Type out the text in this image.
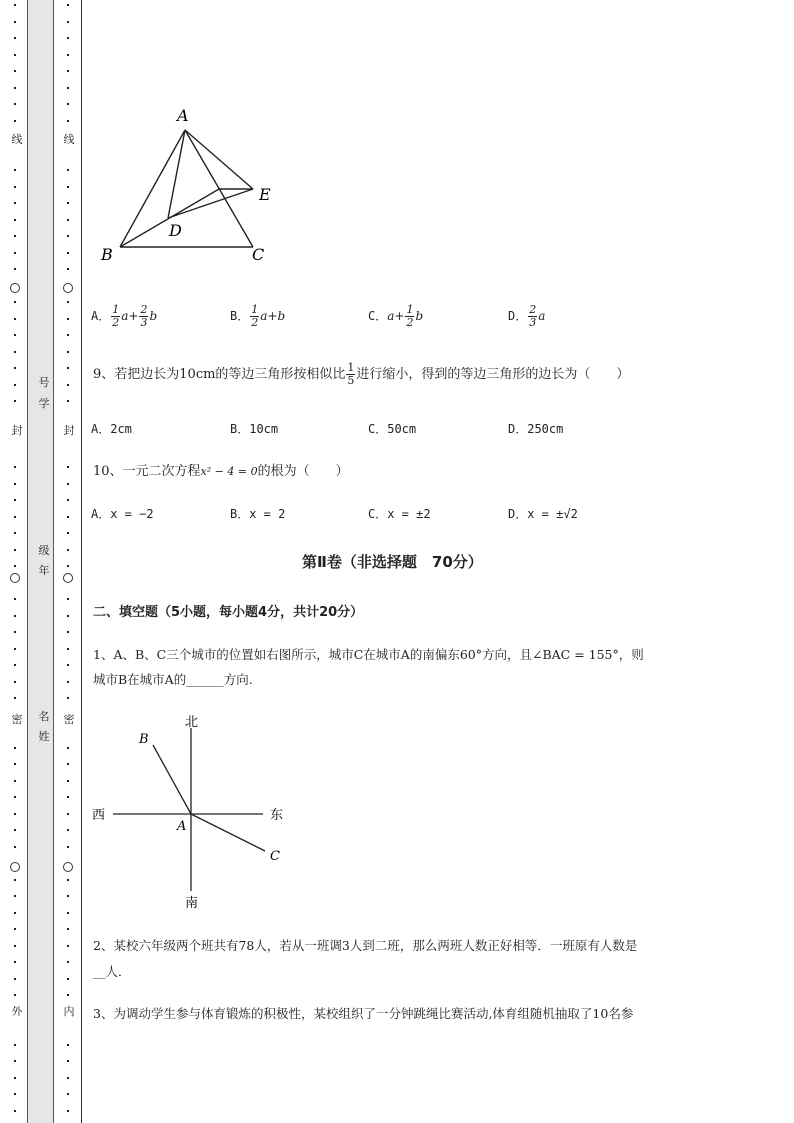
线
封
密
外
线
封
密
内
号
学
级
年
名
姓
A
E
D
B	C
A． $\frac{1}{2} a+ \frac{2}{3}$ b	B． $\frac{1}{2} a+b$	C．$a+ \frac{1}{2}$ b	D． $\frac{2}{3}$ a
9、若把边长为10cm的等边三角形按相似比 $\frac{1}{5}$ 进行缩小，得到的等边三角形的边长为（　　）
A．2cm	B．10cm	C．50cm	D．250cm
10、一元二次方程x² − 4 = 0的根为（　　）
A．x = −2	B．x = 2	C．x = ±2	D．x = ±√2
第Ⅱ卷（非选择题　70分）
二、填空题（5小题，每小题4分，共计20分）
1、A、B、C三个城市的位置如右图所示，城市C在城市A的南偏东60°方向，且∠BAC = 155°，则
城市B在城市A的______方向.
北
南
西	东
A
B
C
2、某校六年级两个班共有78人，若从一班调3人到二班，那么两班人数正好相等．一班原有人数是
__人．
3、为调动学生参与体育锻炼的积极性，某校组织了一分钟跳绳比赛活动,体育组随机抽取了10名参
